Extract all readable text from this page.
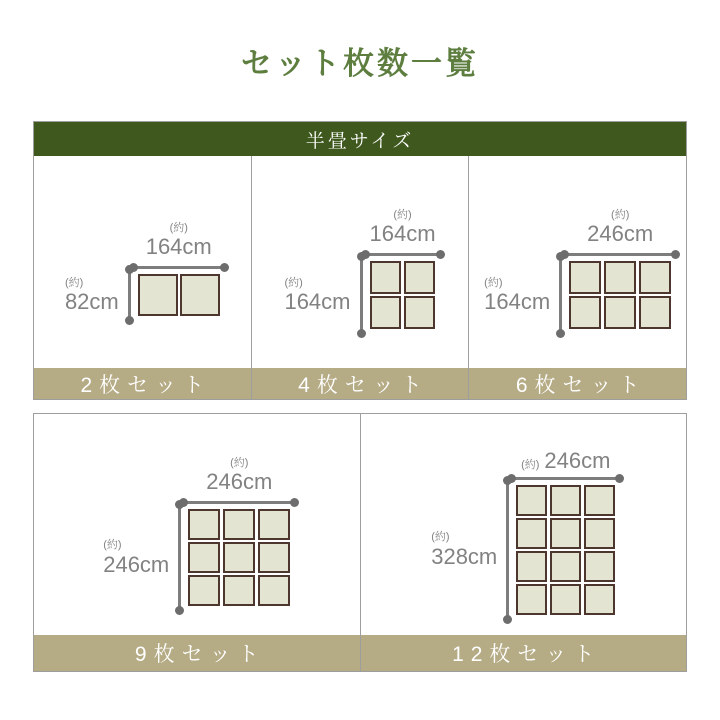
セット枚数一覧
半畳サイズ
(約)
164cm
(約)
82cm
2枚セット
(約)
164cm
(約)
164cm
4枚セット
(約)
246cm
(約)
164cm
6枚セット
(約)
246cm
(約)
246cm
9枚セット
(約) 246cm
(約)
328cm
12枚セット
